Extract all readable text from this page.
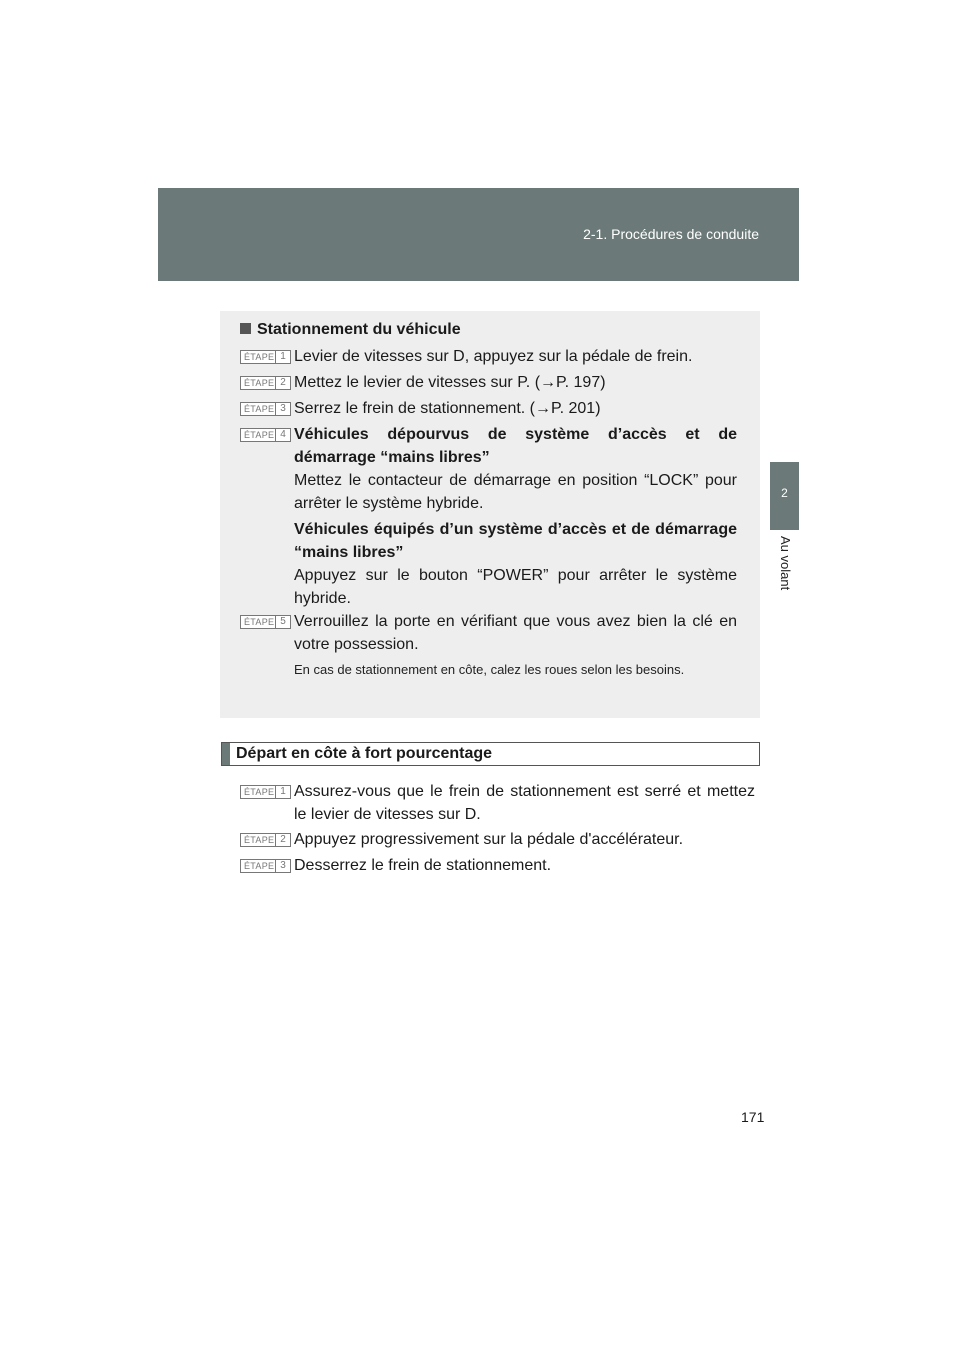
2-1. Procédures de conduite
2
Au volant
Stationnement du véhicule
ÉTAPE 1 Levier de vitesses sur D, appuyez sur la pédale de frein.
ÉTAPE 2 Mettez le levier de vitesses sur P. (→P. 197)
ÉTAPE 3 Serrez le frein de stationnement. (→P. 201)
ÉTAPE 4 Véhicules dépourvus de système d’accès et de démarrage “mains libres”
Mettez le contacteur de démarrage en position “LOCK” pour arrêter le système hybride.
Véhicules équipés d’un système d’accès et de démarrage “mains libres”
Appuyez sur le bouton “POWER” pour arrêter le système hybride.
ÉTAPE 5 Verrouillez la porte en vérifiant que vous avez bien la clé en votre possession.
En cas de stationnement en côte, calez les roues selon les besoins.
Départ en côte à fort pourcentage
ÉTAPE 1 Assurez-vous que le frein de stationnement est serré et mettez le levier de vitesses sur D.
ÉTAPE 2 Appuyez progressivement sur la pédale d'accélérateur.
ÉTAPE 3 Desserrez le frein de stationnement.
171
